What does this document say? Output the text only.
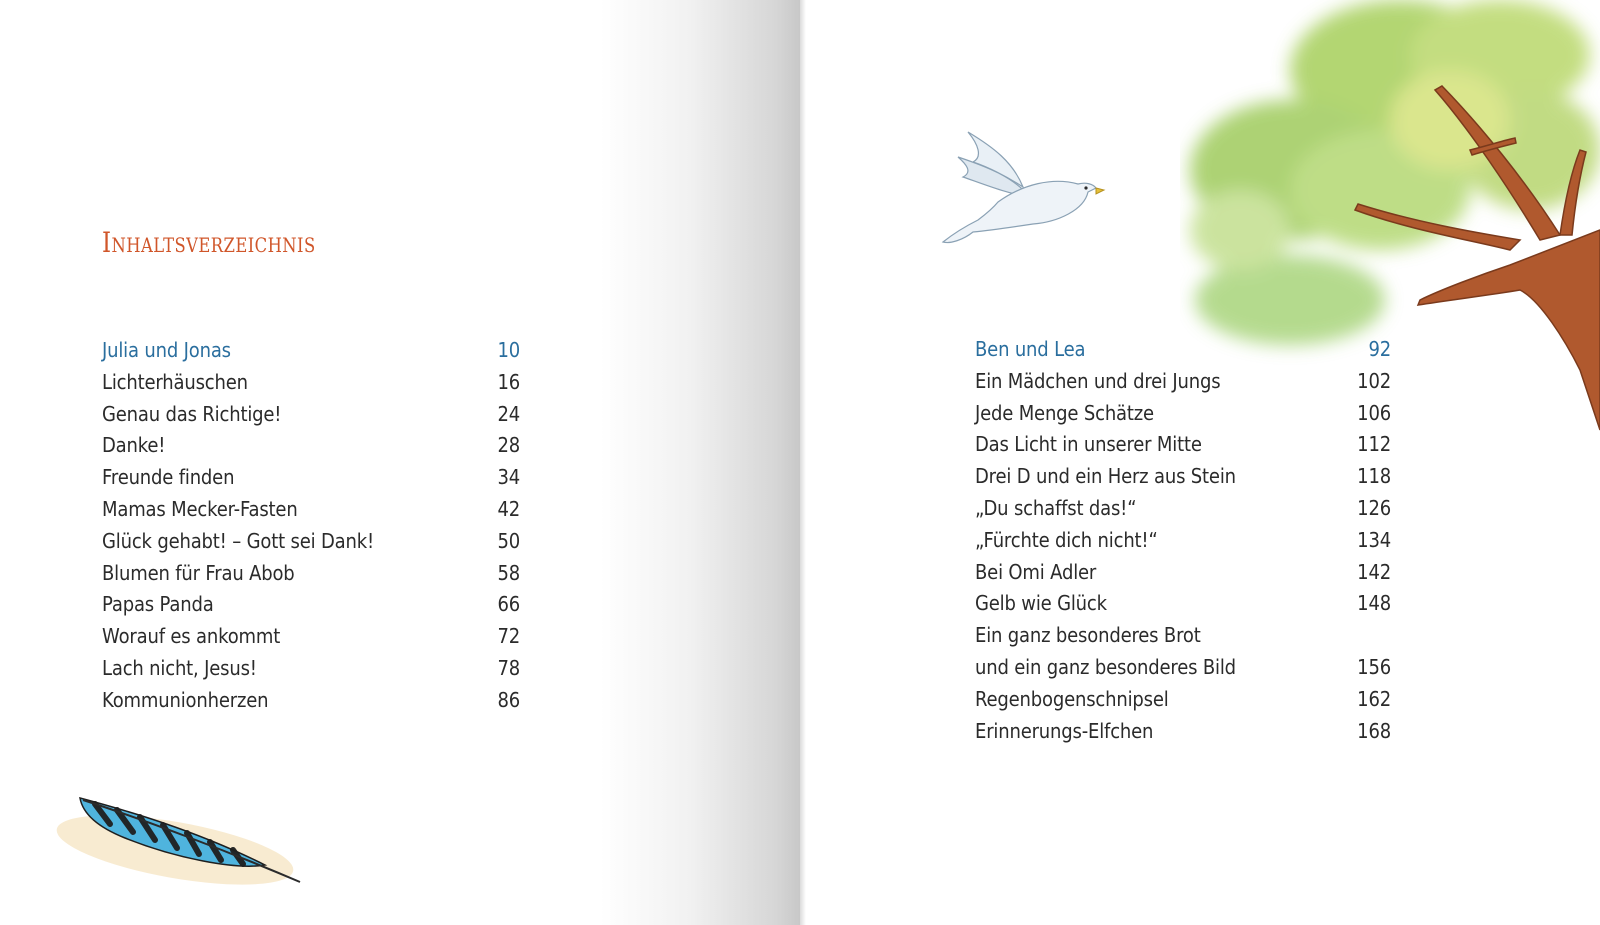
Inhaltsverzeichnis
Julia und Jonas	10
Lichterhäuschen	16
Genau das Richtige!	24
Danke!	28
Freunde finden	34
Mamas Mecker-Fasten	42
Glück gehabt! – Gott sei Dank!	50
Blumen für Frau Abob	58
Papas Panda	66
Worauf es ankommt	72
Lach nicht, Jesus!	78
Kommunionherzen	86
Ben und Lea	92
Ein Mädchen und drei Jungs	102
Jede Menge Schätze	106
Das Licht in unserer Mitte	112
Drei D und ein Herz aus Stein	118
„Du schaffst das!“	126
„Fürchte dich nicht!“	134
Bei Omi Adler	142
Gelb wie Glück	148
Ein ganz besonderes Brot
und ein ganz besonderes Bild	156
Regenbogenschnipsel	162
Erinnerungs-Elfchen	168
